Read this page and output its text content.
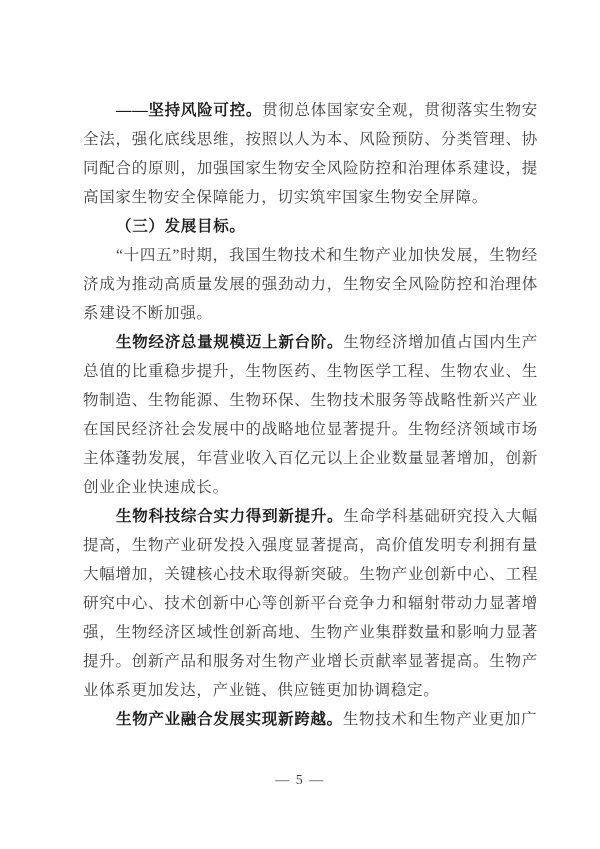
——坚持风险可控。贯彻总体国家安全观，贯彻落实生物安全法，强化底线思维，按照以人为本、风险预防、分类管理、协同配合的原则，加强国家生物安全风险防控和治理体系建设，提高国家生物安全保障能力，切实筑牢国家生物安全屏障。

（三）发展目标。

“十四五”时期，我国生物技术和生物产业加快发展，生物经济成为推动高质量发展的强劲动力，生物安全风险防控和治理体系建设不断加强。

生物经济总量规模迈上新台阶。生物经济增加值占国内生产总值的比重稳步提升，生物医药、生物医学工程、生物农业、生物制造、生物能源、生物环保、生物技术服务等战略性新兴产业在国民经济社会发展中的战略地位显著提升。生物经济领域市场主体蓬勃发展，年营业收入百亿元以上企业数量显著增加，创新创业企业快速成长。

生物科技综合实力得到新提升。生命学科基础研究投入大幅提高，生物产业研发投入强度显著提高，高价值发明专利拥有量大幅增加，关键核心技术取得新突破。生物产业创新中心、工程研究中心、技术创新中心等创新平台竞争力和辐射带动力显著增强，生物经济区域性创新高地、生物产业集群数量和影响力显著提升。创新产品和服务对生物产业增长贡献率显著提高。生物产业体系更加发达，产业链、供应链更加协调稳定。

生物产业融合发展实现新跨越。生物技术和生物产业更加广

— 5 —
